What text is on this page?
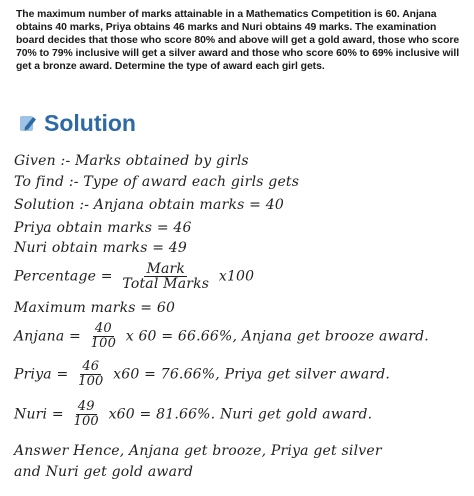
The maximum number of marks attainable in a Mathematics Competition is 60. Anjana obtains 40 marks, Priya obtains 46 marks and Nuri obtains 49 marks. The examination board decides that those who score 80% and above will get a gold award, those who score 70% to 79% inclusive will get a silver award and those who score 60% to 69% inclusive will get a bronze award. Determine the type of award each girl gets.
Solution
Given :- Marks obtained by girls
To find :- Type of award each girls gets
Solution :- Anjana obtain marks = 40
Priya obtain marks = 46
Nuri obtain marks = 49
Percentage = $\frac{\text{Mark}}{\text{Total Marks}} x100$
Maximum marks = 60
Anjana = $\frac{40}{100}$ x 60 = 66.66%, Anjana get brooze award.
Priya = $\frac{46}{100} x60 = 76.66\%$, Priya get silver award.
Nuri = $\frac{49}{100} x60 = 81.66\%$. Nuri get gold award.
Answer Hence, Anjana get brooze, Priya get silver
and Nuri get gold award
